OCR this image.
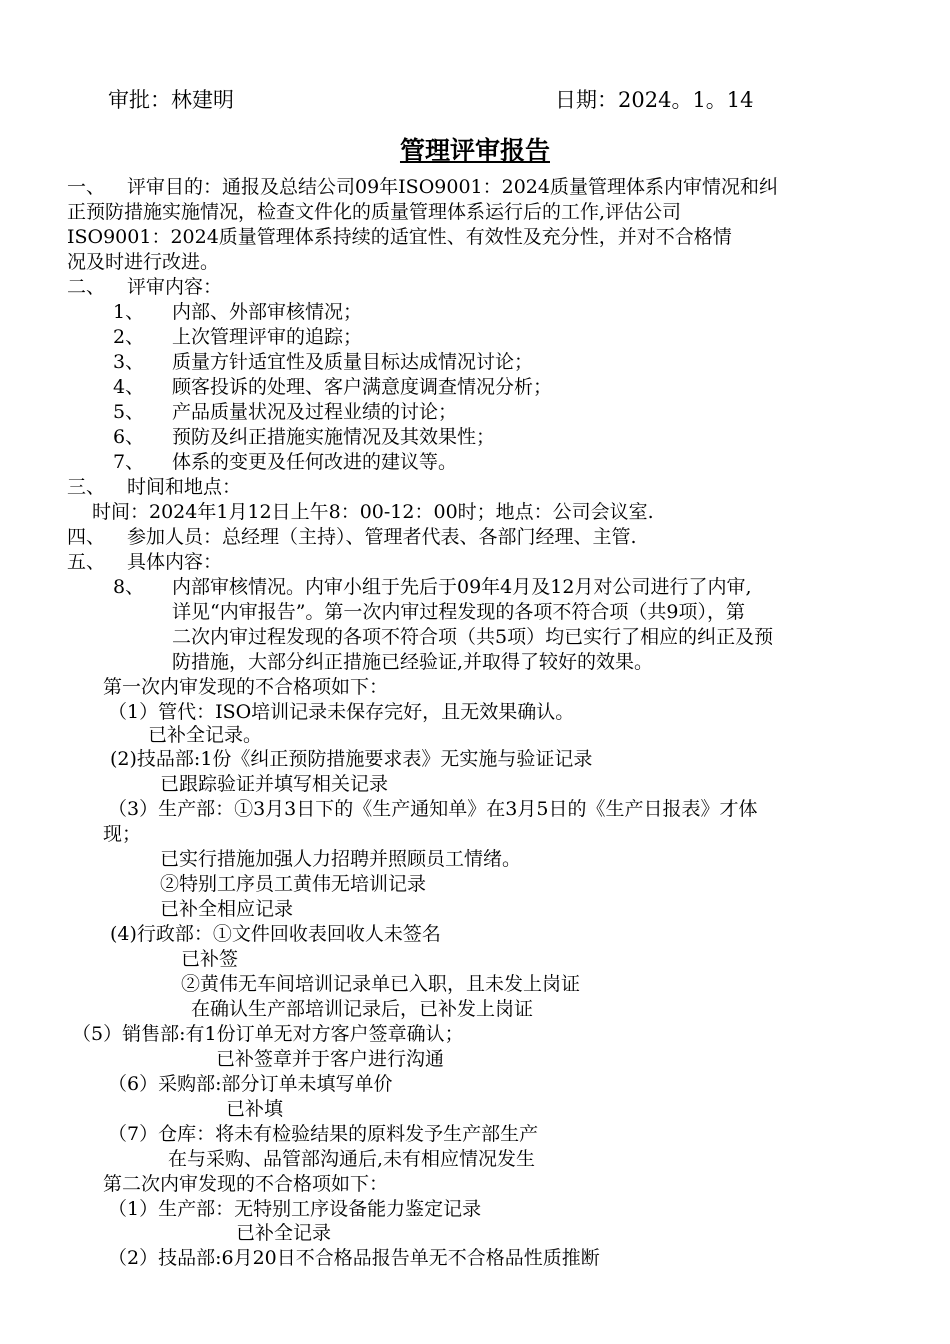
审批：林建明	日期：2024。1。14
管理评审报告
一、 评审目的：通报及总结公司09年ISO9001：2024质量管理体系内审情况和纠
正预防措施实施情况，检查文件化的质量管理体系运行后的工作,评估公司
ISO9001：2024质量管理体系持续的适宜性、有效性及充分性，并对不合格情
况及时进行改进。
二、 评审内容：
1、 内部、外部审核情况；
2、 上次管理评审的追踪；
3、 质量方针适宜性及质量目标达成情况讨论；
4、 顾客投诉的处理、客户满意度调查情况分析；
5、 产品质量状况及过程业绩的讨论；
6、 预防及纠正措施实施情况及其效果性；
7、 体系的变更及任何改进的建议等。
三、 时间和地点：
时间：2024年1月12日上午8：00-12：00时；地点：公司会议室.
四、 参加人员：总经理（主持）、管理者代表、各部门经理、主管.
五、 具体内容：
8、 内部审核情况。内审小组于先后于09年4月及12月对公司进行了内审,
详见“内审报告”。第一次内审过程发现的各项不符合项（共9项），第
二次内审过程发现的各项不符合项（共5项）均已实行了相应的纠正及预
防措施，大部分纠正措施已经验证,并取得了较好的效果。
第一次内审发现的不合格项如下：
（1）管代：ISO培训记录未保存完好，且无效果确认。
已补全记录。
(2)技品部:1份《纠正预防措施要求表》无实施与验证记录
已跟踪验证并填写相关记录
（3）生产部：①3月3日下的《生产通知单》在3月5日的《生产日报表》才体
现；
已实行措施加强人力招聘并照顾员工情绪。
②特别工序员工黄伟无培训记录
已补全相应记录
(4)行政部：①文件回收表回收人未签名
已补签
②黄伟无车间培训记录单已入职，且未发上岗证
在确认生产部培训记录后，已补发上岗证
（5）销售部:有1份订单无对方客户签章确认；
已补签章并于客户进行沟通
（6）采购部:部分订单未填写单价
已补填
（7）仓库：将未有检验结果的原料发予生产部生产
在与采购、品管部沟通后,未有相应情况发生
第二次内审发现的不合格项如下：
（1）生产部：无特别工序设备能力鉴定记录
已补全记录
（2）技品部:6月20日不合格品报告单无不合格品性质推断
